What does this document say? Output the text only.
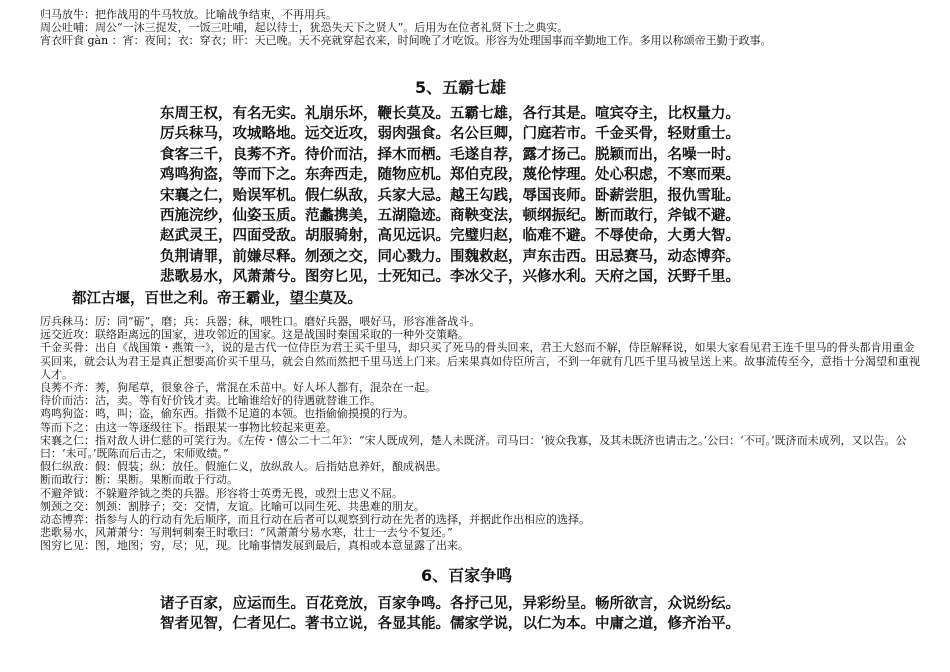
归马放牛：把作战用的牛马牧放。比喻战争结束，不再用兵。

周公吐哺：周公“一沐三捉发，一饭三吐哺，起以待士，犹恐失天下之贤人”。后用为在位者礼贤下士之典实。

宵衣旰食 gàn ：宵：夜间；衣：穿衣；旰：天已晚。天不亮就穿起衣来，时间晚了才吃饭。形容为处理国事而辛勤地工作。多用以称颂帝王勤于政事。

5、五霸七雄
东周王权，有名无实。礼崩乐坏，鞭长莫及。五霸七雄，各行其是。喧宾夺主，比权量力。
厉兵秣马，攻城略地。远交近攻，弱肉强食。名公巨卿，门庭若市。千金买骨，轻财重士。
食客三千，良莠不齐。待价而沽，择木而栖。毛遂自荐，露才扬己。脱颖而出，名噪一时。
鸡鸣狗盗，等而下之。东奔西走，随物应机。郑伯克段，蔑伦悖理。处心积虑，不寒而栗。
宋襄之仁，贻误军机。假仁纵敌，兵家大忌。越王勾践，辱国丧师。卧薪尝胆，报仇雪耻。
西施浣纱，仙姿玉质。范蠡携美，五湖隐迹。商鞅变法，顿纲振纪。断而敢行，斧钺不避。
赵武灵王，四面受敌。胡服骑射，高见远识。完璧归赵，临难不避。不辱使命，大勇大智。
负荆请罪，前嫌尽释。刎颈之交，同心戮力。围魏救赵，声东击西。田忌赛马，动态博弈。
悲歌易水，风萧萧兮。图穷匕见，士死知己。李冰父子，兴修水利。天府之国，沃野千里。
都江古堰，百世之利。帝王霸业，望尘莫及。

厉兵秣马：厉：同“砺”，磨；兵：兵器；秣，喂牲口。磨好兵器，喂好马，形容准备战斗。

远交近攻：联络距离远的国家，进攻邻近的国家。这是战国时秦国采取的一种外交策略。

千金买骨：出自《战国策・燕策一》，说的是古代一位侍臣为君王买千里马，却只买了死马的骨头回来，君王大怒而不解，侍臣解释说，如果大家看见君王连千里马的骨头都肯用重金买回来，就会认为君王是真正想要高价买千里马，就会自然而然把千里马送上门来。后来果真如侍臣所言，不到一年就有几匹千里马被呈送上来。故事流传至今，意指十分渴望和重视人才。

良莠不齐：莠，狗尾草，很象谷子，常混在禾苗中。好人坏人都有，混杂在一起。

待价而沽：沽，卖。等有好价钱才卖。比喻谁给好的待遇就替谁工作。

鸡鸣狗盗：鸣，叫；盗，偷东西。指微不足道的本领。也指偷偷摸摸的行为。

等而下之：由这一等逐级往下。指跟某一事物比较起来更差。

宋襄之仁：指对敌人讲仁慈的可笑行为。《左传・僖公二十二年》：“宋人既成列，楚人未既济。司马曰：‘彼众我寡，及其未既济也请击之。’公曰：‘不可。’既济而未成列，又以告。公曰：‘未可。’既陈而后击之，宋师败绩。”

假仁纵敌：假：假装；纵：放任。假施仁义，放纵敌人。后指姑息养奸，酿成祸患。

断而敢行：断：果断。果断而敢于行动。

不避斧钺：不躲避斧钺之类的兵器。形容将士英勇无畏，或烈士忠义不屈。

刎颈之交：刎颈：割脖子；交：交情，友谊。比喻可以同生死、共患难的朋友。

动态博弈：指参与人的行动有先后顺序，而且行动在后者可以观察到行动在先者的选择，并据此作出相应的选择。

悲歌易水，风萧萧兮：写荆轲刺秦王时歌曰：“风萧萧兮易水寒，壮士一去兮不复还。”

图穷匕见：图，地图；穷，尽；见，现。比喻事情发展到最后，真相或本意显露了出来。

6、百家争鸣
诸子百家，应运而生。百花竞放，百家争鸣。各抒己见，异彩纷呈。畅所欲言，众说纷纭。
智者见智，仁者见仁。著书立说，各显其能。儒家学说，以仁为本。中庸之道，修齐治平。
